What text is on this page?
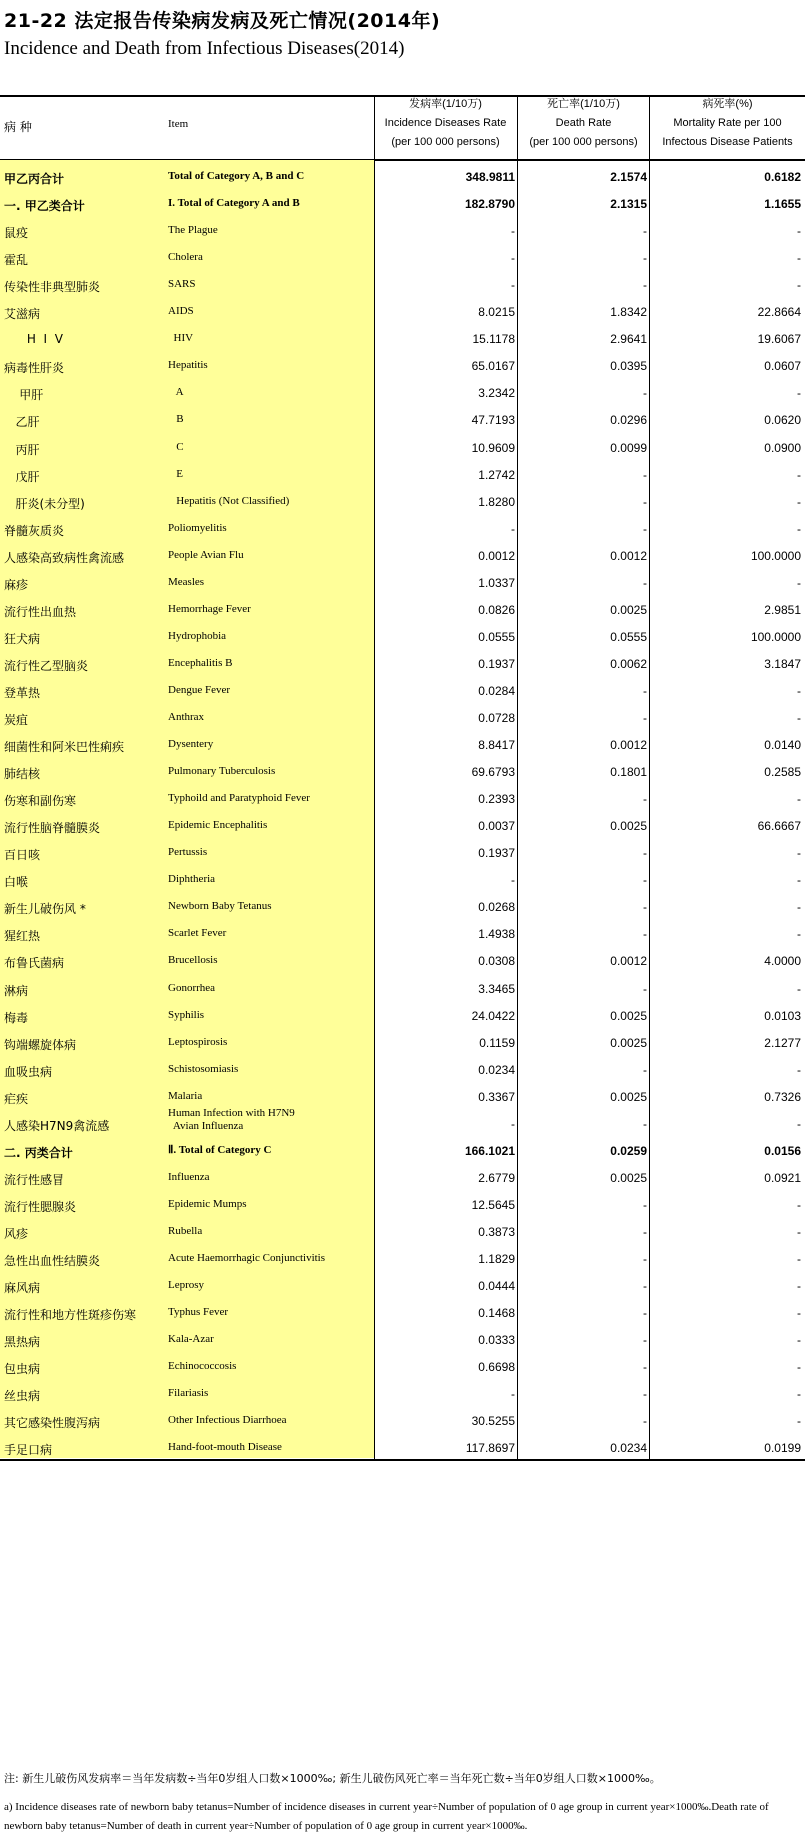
21-22 法定报告传染病发病及死亡情况(2014年)
Incidence and Death from Infectious Diseases(2014)
病 种	Item
发病率(1/10万)
Incidence Diseases Rate
(per 100 000 persons)
死亡率(1/10万)
Death Rate
(per 100 000 persons)
病死率(%)
Mortality Rate per 100
Infectous Disease Patients
甲乙丙合计	Total of Category A, B and C	348.9811	2.1574	0.6182
一. 甲乙类合计	I. Total of Category A and B	182.8790	2.1315	1.1655
鼠疫	The Plague	-	-	-
霍乱	Cholera	-	-	-
传染性非典型肺炎	SARS	-	-	-
艾滋病	AIDS	8.0215	1.8342	22.8664
H  I  V	HIV	15.1178	2.9641	19.6067
病毒性肝炎	Hepatitis	65.0167	0.0395	0.0607
甲肝	A	3.2342	-	-
乙肝	B	47.7193	0.0296	0.0620
丙肝	C	10.9609	0.0099	0.0900
戊肝	E	1.2742	-	-
肝炎(未分型)	Hepatitis (Not Classified)	1.8280	-	-
脊髓灰质炎	Poliomyelitis	-	-	-
人感染高致病性禽流感	People Avian Flu	0.0012	0.0012	100.0000
麻疹	Measles	1.0337	-	-
流行性出血热	Hemorrhage Fever	0.0826	0.0025	2.9851
狂犬病	Hydrophobia	0.0555	0.0555	100.0000
流行性乙型脑炎	Encephalitis B	0.1937	0.0062	3.1847
登革热	Dengue Fever	0.0284	-	-
炭疽	Anthrax	0.0728	-	-
细菌性和阿米巴性痢疾	Dysentery	8.8417	0.0012	0.0140
肺结核	Pulmonary Tuberculosis	69.6793	0.1801	0.2585
伤寒和副伤寒	Typhoild and Paratyphoid Fever	0.2393	-	-
流行性脑脊髓膜炎	Epidemic Encephalitis	0.0037	0.0025	66.6667
百日咳	Pertussis	0.1937	-	-
白喉	Diphtheria	-	-	-
新生儿破伤风 *	Newborn Baby Tetanus	0.0268	-	-
猩红热	Scarlet Fever	1.4938	-	-
布鲁氏菌病	Brucellosis	0.0308	0.0012	4.0000
淋病	Gonorrhea	3.3465	-	-
梅毒	Syphilis	24.0422	0.0025	0.0103
钩端螺旋体病	Leptospirosis	0.1159	0.0025	2.1277
血吸虫病	Schistosomiasis	0.0234	-	-
疟疾	Malaria	0.3367	0.0025	0.7326
人感染H7N9禽流感
Human Infection with H7N9
Avian Influenza	-	-	-
二. 丙类合计	Ⅱ. Total of Category C	166.1021	0.0259	0.0156
流行性感冒	Influenza	2.6779	0.0025	0.0921
流行性腮腺炎	Epidemic Mumps	12.5645	-	-
风疹	Rubella	0.3873	-	-
急性出血性结膜炎	Acute Haemorrhagic Conjunctivitis	1.1829	-	-
麻风病	Leprosy	0.0444	-	-
流行性和地方性斑疹伤寒	Typhus Fever	0.1468	-	-
黑热病	Kala-Azar	0.0333	-	-
包虫病	Echinococcosis	0.6698	-	-
丝虫病	Filariasis	-	-	-
其它感染性腹泻病	Other Infectious Diarrhoea	30.5255	-	-
手足口病	Hand-foot-mouth Disease	117.8697	0.0234	0.0199
注: 新生儿破伤风发病率＝当年发病数÷当年0岁组人口数×1000‰; 新生儿破伤风死亡率＝当年死亡数÷当年0岁组人口数×1000‰。
a) Incidence diseases rate of newborn baby tetanus=Number of incidence diseases in current year÷Number of population of 0 age group in current year×1000‰.Death rate of newborn baby tetanus=Number of death in current year÷Number of population of 0 age group in current year×1000‰.
